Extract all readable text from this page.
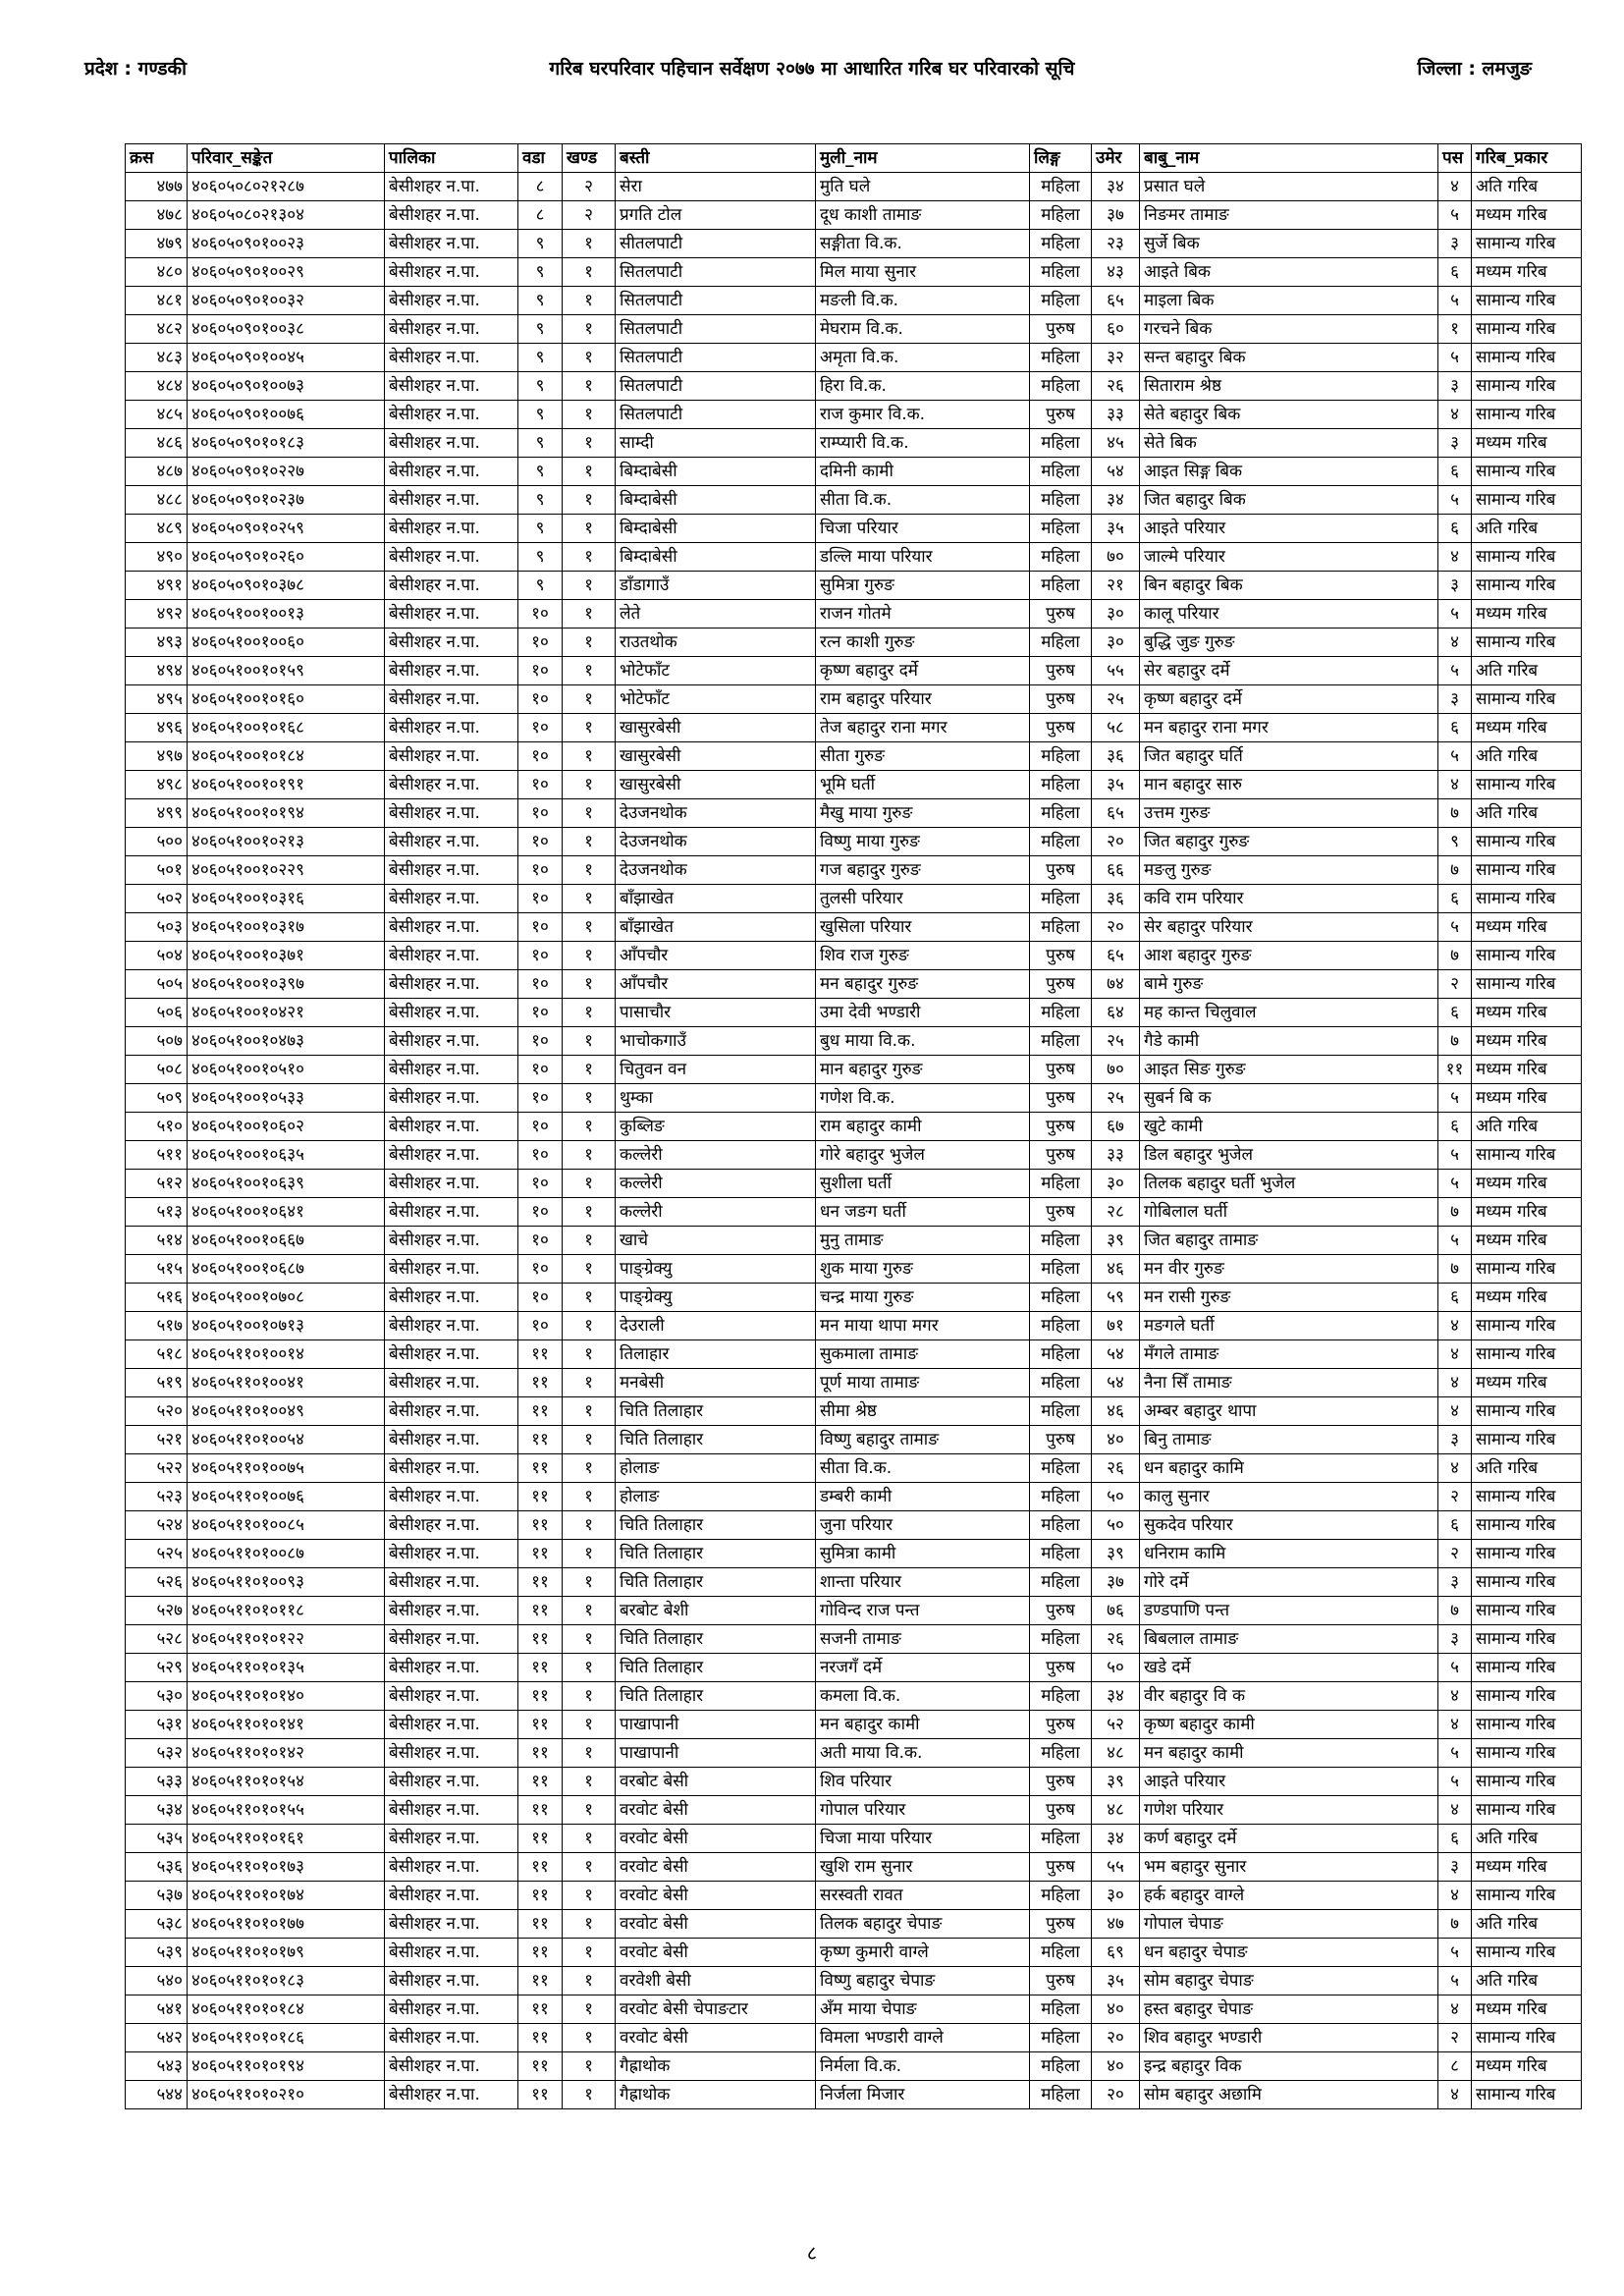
गरिब घरपरिवार पहिचान सर्वेक्षण २०७७ मा आधारित गरिब घर परिवारको सूचि
प्रदेश : गण्डकी	जिल्ला : लमजुङ
क्रस	परिवार_सङ्केत	पालिका	वडा	खण्ड	बस्ती	मुली_नाम	लिङ्ग	उमेर	बाबु_नाम	पस	गरिब_प्रकार
४७७	४०६०५०८०२१२८७	बेसीशहर न.पा.	८	२	सेरा	मुति घले	महिला	३४	प्रसात घले	४	अति गरिब
४७८	४०६०५०८०२१३०४	बेसीशहर न.पा.	८	२	प्रगति टोल	दूध काशी तामाङ	महिला	३७	निङमर तामाङ	५	मध्यम गरिब
४७९	४०६०५०९०१००२३	बेसीशहर न.पा.	९	१	सीतलपाटी	सङ्गीता वि.क.	महिला	२३	सुर्जे बिक	३	सामान्य गरिब
४८०	४०६०५०९०१००२९	बेसीशहर न.पा.	९	१	सितलपाटी	मिल माया सुनार	महिला	४३	आइते बिक	६	मध्यम गरिब
४८१	४०६०५०९०१००३२	बेसीशहर न.पा.	९	१	सितलपाटी	मङली वि.क.	महिला	६५	माइला बिक	५	सामान्य गरिब
४८२	४०६०५०९०१००३८	बेसीशहर न.पा.	९	१	सितलपाटी	मेघराम वि.क.	पुरुष	६०	गरचने बिक	१	सामान्य गरिब
४८३	४०६०५०९०१००४५	बेसीशहर न.पा.	९	१	सितलपाटी	अमृता वि.क.	महिला	३२	सन्त बहादुर बिक	५	सामान्य गरिब
४८४	४०६०५०९०१००७३	बेसीशहर न.पा.	९	१	सितलपाटी	हिरा वि.क.	महिला	२६	सिताराम श्रेष्ठ	३	सामान्य गरिब
४८५	४०६०५०९०१००७६	बेसीशहर न.पा.	९	१	सितलपाटी	राज कुमार वि.क.	पुरुष	३३	सेते बहादुर बिक	४	सामान्य गरिब
४८६	४०६०५०९०१०१८३	बेसीशहर न.पा.	९	१	साम्दी	राम्प्यारी वि.क.	महिला	४५	सेते बिक	३	मध्यम गरिब
४८७	४०६०५०९०१०२२७	बेसीशहर न.पा.	९	१	बिम्दाबेसी	दमिनी कामी	महिला	५४	आइत सिङ्ग बिक	६	सामान्य गरिब
४८८	४०६०५०९०१०२३७	बेसीशहर न.पा.	९	१	बिम्दाबेसी	सीता वि.क.	महिला	३४	जित बहादुर बिक	५	सामान्य गरिब
४८९	४०६०५०९०१०२५९	बेसीशहर न.पा.	९	१	बिम्दाबेसी	चिजा परियार	महिला	३५	आइते परियार	६	अति गरिब
४९०	४०६०५०९०१०२६०	बेसीशहर न.पा.	९	१	बिम्दाबेसी	डल्लि माया परियार	महिला	७०	जाल्मे परियार	४	सामान्य गरिब
४९१	४०६०५०९०१०३७८	बेसीशहर न.पा.	९	१	डाँडागाउँ	सुमित्रा गुरुङ	महिला	२१	बिन बहादुर बिक	३	सामान्य गरिब
४९२	४०६०५१००१००१३	बेसीशहर न.पा.	१०	१	लेते	राजन गोतमे	पुरुष	३०	कालू परियार	५	मध्यम गरिब
४९३	४०६०५१००१००६०	बेसीशहर न.पा.	१०	१	राउतथोक	रत्न काशी गुरुङ	महिला	३०	बुद्धि जुङ गुरुङ	४	सामान्य गरिब
४९४	४०६०५१००१०१५९	बेसीशहर न.पा.	१०	१	भोटेफाँट	कृष्ण बहादुर दर्मे	पुरुष	५५	सेर बहादुर दर्मे	५	अति गरिब
४९५	४०६०५१००१०१६०	बेसीशहर न.पा.	१०	१	भोटेफाँट	राम बहादुर परियार	पुरुष	२५	कृष्ण बहादुर दर्मे	३	सामान्य गरिब
४९६	४०६०५१००१०१६८	बेसीशहर न.पा.	१०	१	खासुरबेसी	तेज बहादुर राना मगर	पुरुष	५८	मन बहादुर राना मगर	६	मध्यम गरिब
४९७	४०६०५१००१०१८४	बेसीशहर न.पा.	१०	१	खासुरबेसी	सीता गुरुङ	महिला	३६	जित बहादुर घर्ति	५	अति गरिब
४९८	४०६०५१००१०१९१	बेसीशहर न.पा.	१०	१	खासुरबेसी	भूमि घर्ती	महिला	३५	मान बहादुर सारु	४	सामान्य गरिब
४९९	४०६०५१००१०१९४	बेसीशहर न.पा.	१०	१	देउजनथोक	मैखु माया गुरुङ	महिला	६५	उत्तम गुरुङ	७	अति गरिब
५००	४०६०५१००१०२१३	बेसीशहर न.पा.	१०	१	देउजनथोक	विष्णु माया गुरुङ	महिला	२०	जित बहादुर गुरुङ	९	सामान्य गरिब
५०१	४०६०५१००१०२२९	बेसीशहर न.पा.	१०	१	देउजनथोक	गज बहादुर गुरुङ	पुरुष	६६	मङलु गुरुङ	७	सामान्य गरिब
५०२	४०६०५१००१०३१६	बेसीशहर न.पा.	१०	१	बाँझाखेत	तुलसी परियार	महिला	३६	कवि राम परियार	६	सामान्य गरिब
५०३	४०६०५१००१०३१७	बेसीशहर न.पा.	१०	१	बाँझाखेत	खुसिला परियार	महिला	२०	सेर बहादुर परियार	५	मध्यम गरिब
५०४	४०६०५१००१०३७१	बेसीशहर न.पा.	१०	१	आँपचौर	शिव राज गुरुङ	पुरुष	६५	आश बहादुर गुरुङ	७	सामान्य गरिब
५०५	४०६०५१००१०३९७	बेसीशहर न.पा.	१०	१	आँपचौर	मन बहादुर गुरुङ	पुरुष	७४	बामे गुरुङ	२	सामान्य गरिब
५०६	४०६०५१००१०४२१	बेसीशहर न.पा.	१०	१	पासाचौर	उमा देवी भण्डारी	महिला	६४	मह कान्त चिलुवाल	६	मध्यम गरिब
५०७	४०६०५१००१०४७३	बेसीशहर न.पा.	१०	१	भाचोकगाउँ	बुध माया वि.क.	महिला	२५	गैडे कामी	७	मध्यम गरिब
५०८	४०६०५१००१०५१०	बेसीशहर न.पा.	१०	१	चितुवन वन	मान बहादुर गुरुङ	पुरुष	७०	आइत सिङ गुरुङ	११	मध्यम गरिब
५०९	४०६०५१००१०५३३	बेसीशहर न.पा.	१०	१	थुम्का	गणेश वि.क.	पुरुष	२५	सुबर्न बि क	५	मध्यम गरिब
५१०	४०६०५१००१०६०२	बेसीशहर न.पा.	१०	१	कुब्लिङ	राम बहादुर कामी	पुरुष	६७	खुटे कामी	६	अति गरिब
५११	४०६०५१००१०६३५	बेसीशहर न.पा.	१०	१	कल्लेरी	गोरे बहादुर भुजेल	पुरुष	३३	डिल बहादुर भुजेल	५	सामान्य गरिब
५१२	४०६०५१००१०६३९	बेसीशहर न.पा.	१०	१	कल्लेरी	सुशीला घर्ती	महिला	३०	तिलक बहादुर घर्ती भुजेल	५	मध्यम गरिब
५१३	४०६०५१००१०६४१	बेसीशहर न.पा.	१०	१	कल्लेरी	धन जङग घर्ती	पुरुष	२८	गोबिलाल घर्ती	७	मध्यम गरिब
५१४	४०६०५१००१०६६७	बेसीशहर न.पा.	१०	१	खाचे	मुनु तामाङ	महिला	३९	जित बहादुर तामाङ	५	मध्यम गरिब
५१५	४०६०५१००१०६८७	बेसीशहर न.पा.	१०	१	पाङ्ग्रेक्यु	शुक माया गुरुङ	महिला	४६	मन वीर गुरुङ	७	सामान्य गरिब
५१६	४०६०५१००१०७०८	बेसीशहर न.पा.	१०	१	पाङ्ग्रेक्यु	चन्द्र माया गुरुङ	महिला	५९	मन रासी गुरुङ	६	मध्यम गरिब
५१७	४०६०५१००१०७१३	बेसीशहर न.पा.	१०	१	देउराली	मन माया थापा मगर	महिला	७१	मङगले घर्ती	४	सामान्य गरिब
५१८	४०६०५११०१००१४	बेसीशहर न.पा.	११	१	तिलाहार	सुकमाला तामाङ	महिला	५४	मँगले तामाङ	४	सामान्य गरिब
५१९	४०६०५११०१००४१	बेसीशहर न.पा.	११	१	मनबेसी	पूर्ण माया तामाङ	महिला	५४	नैना सिँ तामाङ	४	मध्यम गरिब
५२०	४०६०५११०१००४९	बेसीशहर न.पा.	११	१	चिति तिलाहार	सीमा श्रेष्ठ	महिला	४६	अम्बर बहादुर थापा	४	सामान्य गरिब
५२१	४०६०५११०१००५४	बेसीशहर न.पा.	११	१	चिति तिलाहार	विष्णु बहादुर तामाङ	पुरुष	४०	बिनु तामाङ	३	सामान्य गरिब
५२२	४०६०५११०१००७५	बेसीशहर न.पा.	११	१	होलाङ	सीता वि.क.	महिला	२६	धन बहादुर कामि	४	अति गरिब
५२३	४०६०५११०१००७६	बेसीशहर न.पा.	११	१	होलाङ	डम्बरी कामी	महिला	५०	कालु सुनार	२	सामान्य गरिब
५२४	४०६०५११०१००८५	बेसीशहर न.पा.	११	१	चिति तिलाहार	जुना परियार	महिला	५०	सुकदेव परियार	६	सामान्य गरिब
५२५	४०६०५११०१००८७	बेसीशहर न.पा.	११	१	चिति तिलाहार	सुमित्रा कामी	महिला	३९	धनिराम कामि	२	सामान्य गरिब
५२६	४०६०५११०१००९३	बेसीशहर न.पा.	११	१	चिति तिलाहार	शान्ता परियार	महिला	३७	गोरे दर्मे	३	सामान्य गरिब
५२७	४०६०५११०१०११८	बेसीशहर न.पा.	११	१	बरबोट बेशी	गोविन्द राज पन्त	पुरुष	७६	डण्डपाणि पन्त	७	सामान्य गरिब
५२८	४०६०५११०१०१२२	बेसीशहर न.पा.	११	१	चिति तिलाहार	सजनी तामाङ	महिला	२६	बिबलाल तामाङ	३	सामान्य गरिब
५२९	४०६०५११०१०१३५	बेसीशहर न.पा.	११	१	चिति तिलाहार	नरजगँ दर्मे	पुरुष	५०	खडे दर्मे	५	सामान्य गरिब
५३०	४०६०५११०१०१४०	बेसीशहर न.पा.	११	१	चिति तिलाहार	कमला वि.क.	महिला	३४	वीर बहादुर वि क	४	सामान्य गरिब
५३१	४०६०५११०१०१४१	बेसीशहर न.पा.	११	१	पाखापानी	मन बहादुर कामी	पुरुष	५२	कृष्ण बहादुर कामी	४	सामान्य गरिब
५३२	४०६०५११०१०१४२	बेसीशहर न.पा.	११	१	पाखापानी	अती माया वि.क.	महिला	४८	मन बहादुर कामी	५	सामान्य गरिब
५३३	४०६०५११०१०१५४	बेसीशहर न.पा.	११	१	वरबोट बेसी	शिव परियार	पुरुष	३९	आइते परियार	५	सामान्य गरिब
५३४	४०६०५११०१०१५५	बेसीशहर न.पा.	११	१	वरवोट बेसी	गोपाल परियार	पुरुष	४८	गणेश परियार	४	सामान्य गरिब
५३५	४०६०५११०१०१६१	बेसीशहर न.पा.	११	१	वरवोट बेसी	चिजा माया परियार	महिला	३४	कर्ण बहादुर दर्मे	६	अति गरिब
५३६	४०६०५११०१०१७३	बेसीशहर न.पा.	११	१	वरवोट बेसी	खुशि राम सुनार	पुरुष	५५	भम बहादुर सुनार	३	मध्यम गरिब
५३७	४०६०५११०१०१७४	बेसीशहर न.पा.	११	१	वरवोट बेसी	सरस्वती रावत	महिला	३०	हर्क बहादुर वाग्ले	४	सामान्य गरिब
५३८	४०६०५११०१०१७७	बेसीशहर न.पा.	११	१	वरवोट बेसी	तिलक बहादुर चेपाङ	पुरुष	४७	गोपाल चेपाङ	७	अति गरिब
५३९	४०६०५११०१०१७९	बेसीशहर न.पा.	११	१	वरवोट बेसी	कृष्ण कुमारी वाग्ले	महिला	६९	धन बहादुर चेपाङ	५	सामान्य गरिब
५४०	४०६०५११०१०१८३	बेसीशहर न.पा.	११	१	वरवेशी बेसी	विष्णु बहादुर चेपाङ	पुरुष	३५	सोम बहादुर चेपाङ	५	अति गरिब
५४१	४०६०५११०१०१८४	बेसीशहर न.पा.	११	१	वरवोट बेसी चेपाङटार	अँम माया चेपाङ	महिला	४०	हस्त बहादुर चेपाङ	४	मध्यम गरिब
५४२	४०६०५११०१०१८६	बेसीशहर न.पा.	११	१	वरवोट बेसी	विमला भण्डारी वाग्ले	महिला	२०	शिव बहादुर भण्डारी	२	सामान्य गरिब
५४३	४०६०५११०१०१९४	बेसीशहर न.पा.	११	१	गैह्राथोक	निर्मला वि.क.	महिला	४०	इन्द्र बहादुर विक	८	मध्यम गरिब
५४४	४०६०५११०१०२१०	बेसीशहर न.पा.	११	१	गैह्राथोक	निर्जला मिजार	महिला	२०	सोम बहादुर अछामि	४	सामान्य गरिब
८
